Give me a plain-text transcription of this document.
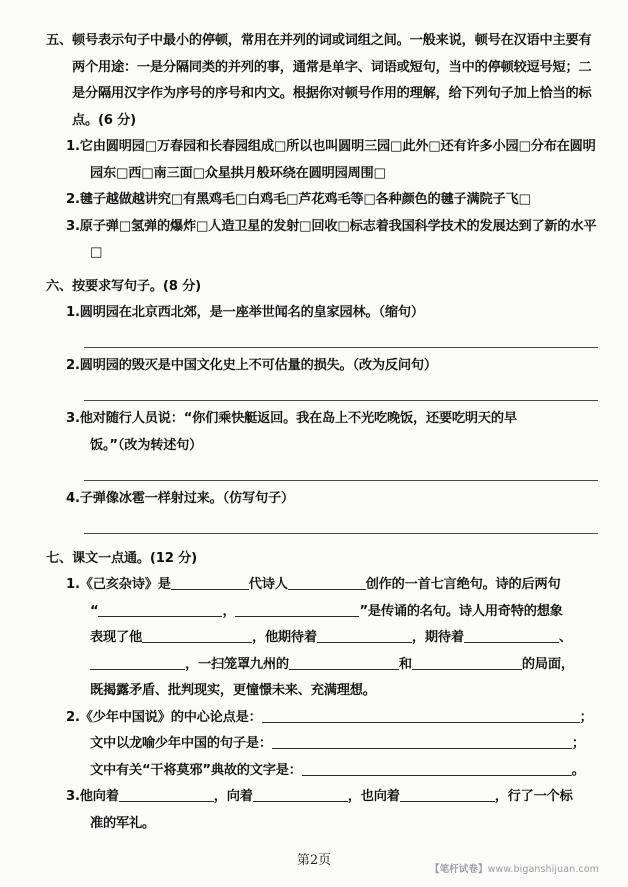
五、顿号表示句子中最小的停顿，常用在并列的词或词组之间。一般来说，顿号在汉语中主要有两个用途：一是分隔同类的并列的事，通常是单字、词语或短句，当中的停顿较逗号短；二是分隔用汉字作为序号的序号和内文。根据你对顿号作用的理解，给下列句子加上恰当的标点。(6 分)

1.它由圆明园□万春园和长春园组成□所以也叫圆明三园□此外□还有许多小园□分布在圆明园东□西□南三面□众星拱月般环绕在圆明园周围□

2.毽子越做越讲究□有黑鸡毛□白鸡毛□芦花鸡毛等□各种颜色的毽子满院子飞□

3.原子弹□氢弹的爆炸□人造卫星的发射□回收□标志着我国科学技术的发展达到了新的水平□

六、按要求写句子。(8 分)

1.圆明园在北京西北郊，是一座举世闻名的皇家园林。（缩句）

2.圆明园的毁灭是中国文化史上不可估量的损失。（改为反问句）

3.他对随行人员说：“你们乘快艇返回。我在岛上不光吃晚饭，还要吃明天的早

饭。”（改为转述句）

4.子弹像冰雹一样射过来。（仿写句子）

七、课文一点通。(12 分)

1.《己亥杂诗》是	代诗人	创作的一首七言绝句。诗的后两句

“	，	”是传诵的名句。诗人用奇特的想象

表现了他	，他期待着	，期待着	、

，一扫笼罩九州的	和	的局面，

既揭露矛盾、批判现实，更憧憬未来、充满理想。

2.《少年中国说》的中心论点是：	；

文中以龙喻少年中国的句子是：	；

文中有关“干将莫邪”典故的文字是：	。

3.他向着	，向着	，也向着	，行了一个标

准的军礼。

第2页
【笔杆试卷】www.biganshijuan.com
